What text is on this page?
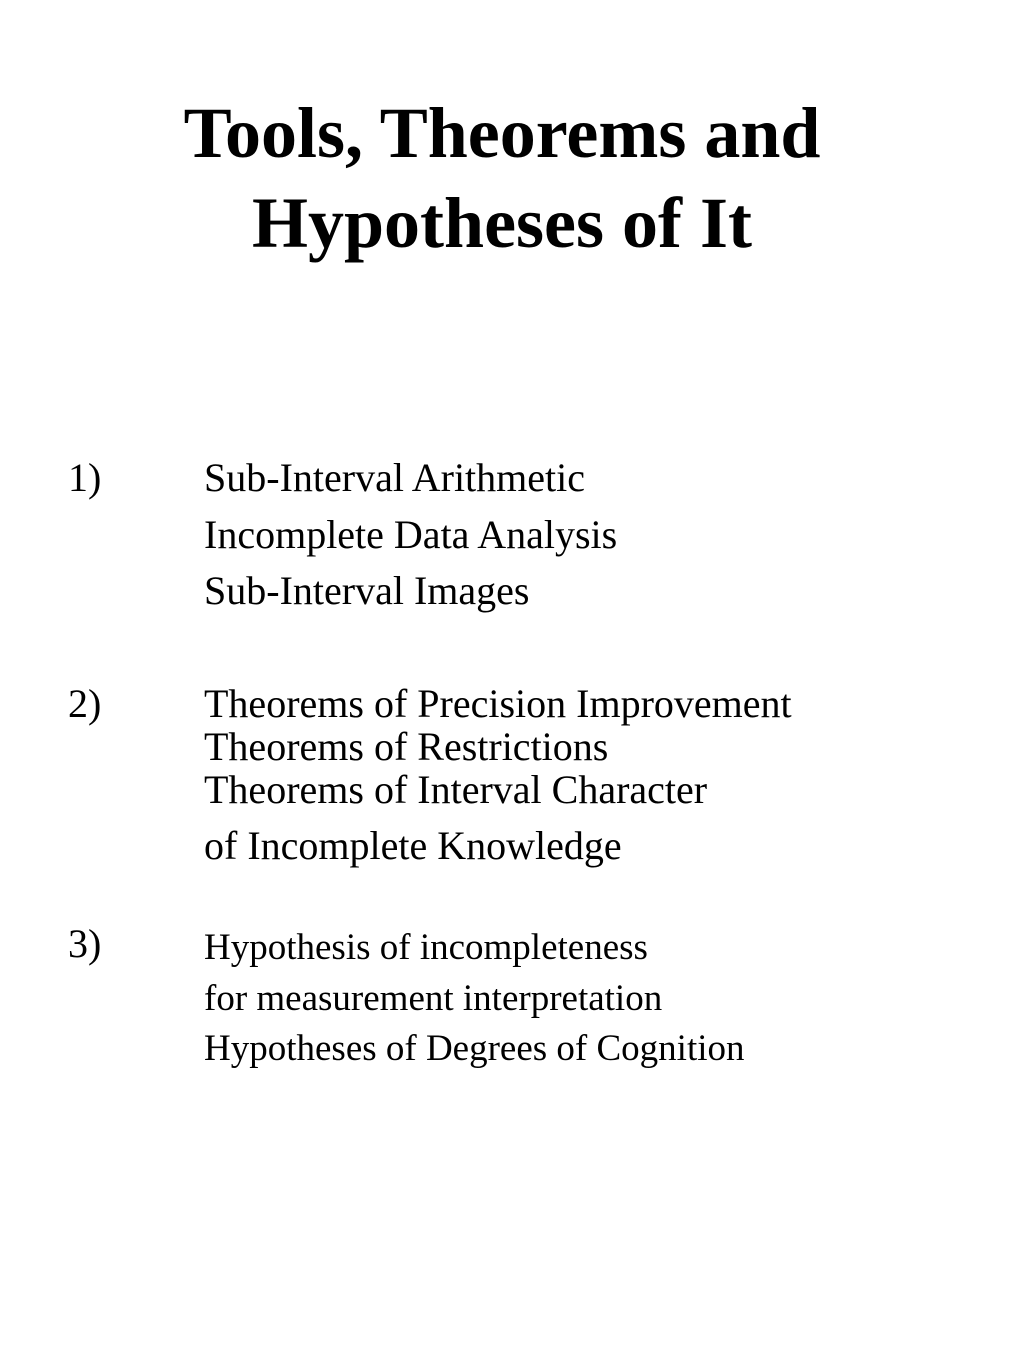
Tools, Theorems and
Hypotheses of It
1)	Sub-Interval Arithmetic
Incomplete Data Analysis
Sub-Interval Images
2)	Theorems of Precision Improvement
Theorems of Restrictions
Theorems of Interval Character
of Incomplete Knowledge
3)	Hypothesis of incompleteness
for measurement interpretation
Hypotheses of Degrees of Cognition
